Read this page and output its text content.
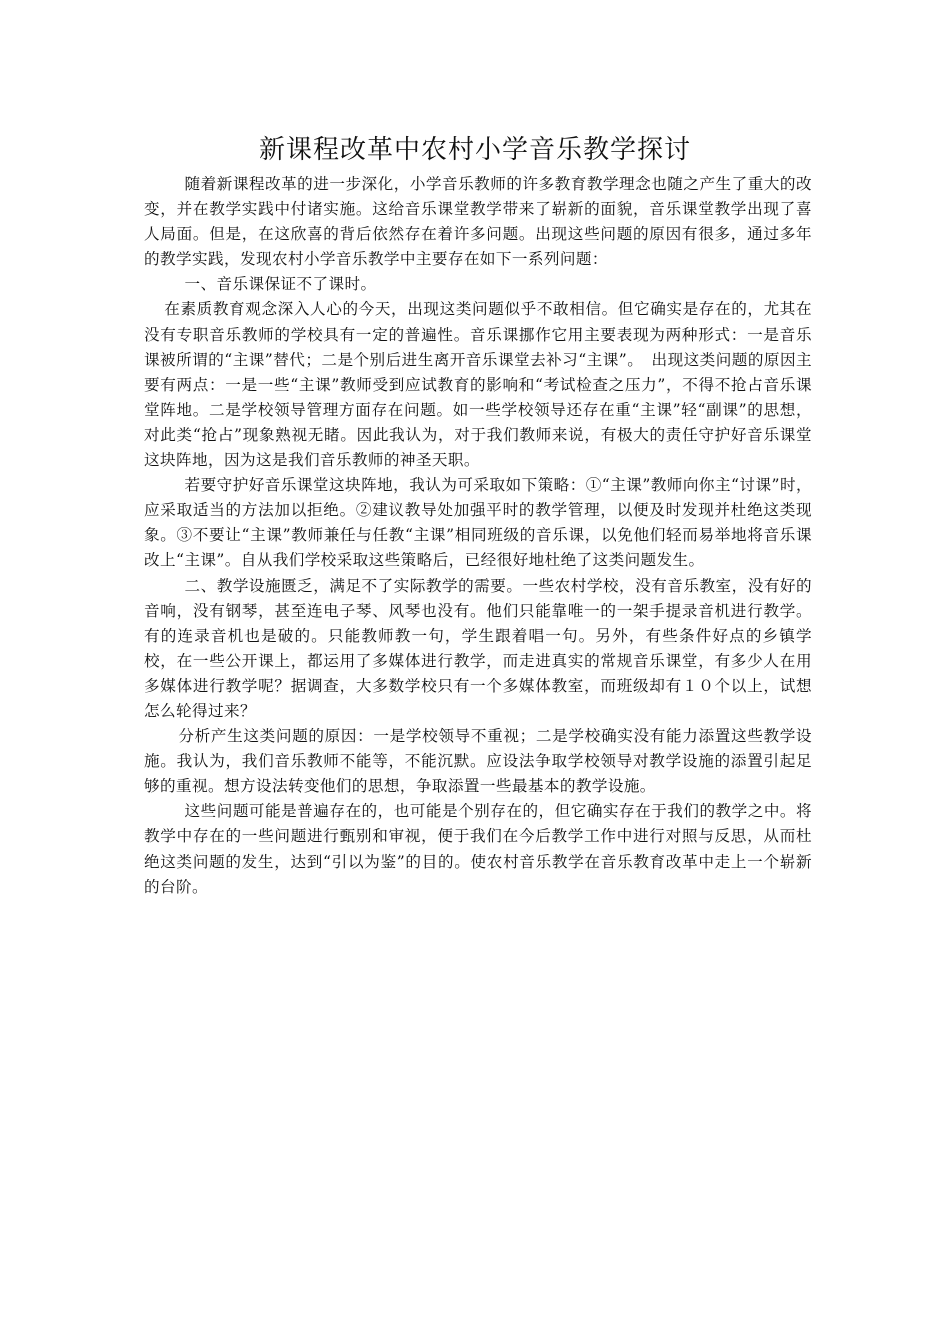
新课程改革中农村小学音乐教学探讨

随着新课程改革的进一步深化，小学音乐教师的许多教育教学理念也随之产生了重大的改变，并在教学实践中付诸实施。这给音乐课堂教学带来了崭新的面貌，音乐课堂教学出现了喜人局面。但是，在这欣喜的背后依然存在着许多问题。出现这些问题的原因有很多，通过多年的教学实践，发现农村小学音乐教学中主要存在如下一系列问题：

一、音乐课保证不了课时。

在素质教育观念深入人心的今天，出现这类问题似乎不敢相信。但它确实是存在的，尤其在没有专职音乐教师的学校具有一定的普遍性。音乐课挪作它用主要表现为两种形式：一是音乐课被所谓的“主课”替代；二是个别后进生离开音乐课堂去补习“主课”。　出现这类问题的原因主要有两点：一是一些“主课”教师受到应试教育的影响和“考试检查之压力”，不得不抢占音乐课堂阵地。二是学校领导管理方面存在问题。如一些学校领导还存在重“主课”轻“副课”的思想，对此类“抢占”现象熟视无睹。因此我认为，对于我们教师来说，有极大的责任守护好音乐课堂这块阵地，因为这是我们音乐教师的神圣天职。

若要守护好音乐课堂这块阵地，我认为可采取如下策略：①“主课”教师向你主“讨课”时，应采取适当的方法加以拒绝。②建议教导处加强平时的教学管理，以便及时发现并杜绝这类现象。③不要让“主课”教师兼任与任教“主课”相同班级的音乐课，以免他们轻而易举地将音乐课改上“主课”。自从我们学校采取这些策略后，已经很好地杜绝了这类问题发生。

二、教学设施匮乏，满足不了实际教学的需要。一些农村学校，没有音乐教室，没有好的音响，没有钢琴，甚至连电子琴、风琴也没有。他们只能靠唯一的一架手提录音机进行教学。有的连录音机也是破的。只能教师教一句，学生跟着唱一句。另外，有些条件好点的乡镇学校，在一些公开课上，都运用了多媒体进行教学，而走进真实的常规音乐课堂，有多少人在用多媒体进行教学呢？据调查，大多数学校只有一个多媒体教室，而班级却有１０个以上，试想怎么轮得过来？

分析产生这类问题的原因：一是学校领导不重视；二是学校确实没有能力添置这些教学设施。我认为，我们音乐教师不能等，不能沉默。应设法争取学校领导对教学设施的添置引起足够的重视。想方设法转变他们的思想，争取添置一些最基本的教学设施。

这些问题可能是普遍存在的，也可能是个别存在的，但它确实存在于我们的教学之中。将教学中存在的一些问题进行甄别和审视，便于我们在今后教学工作中进行对照与反思，从而杜绝这类问题的发生，达到“引以为鉴”的目的。使农村音乐教学在音乐教育改革中走上一个崭新的台阶。
